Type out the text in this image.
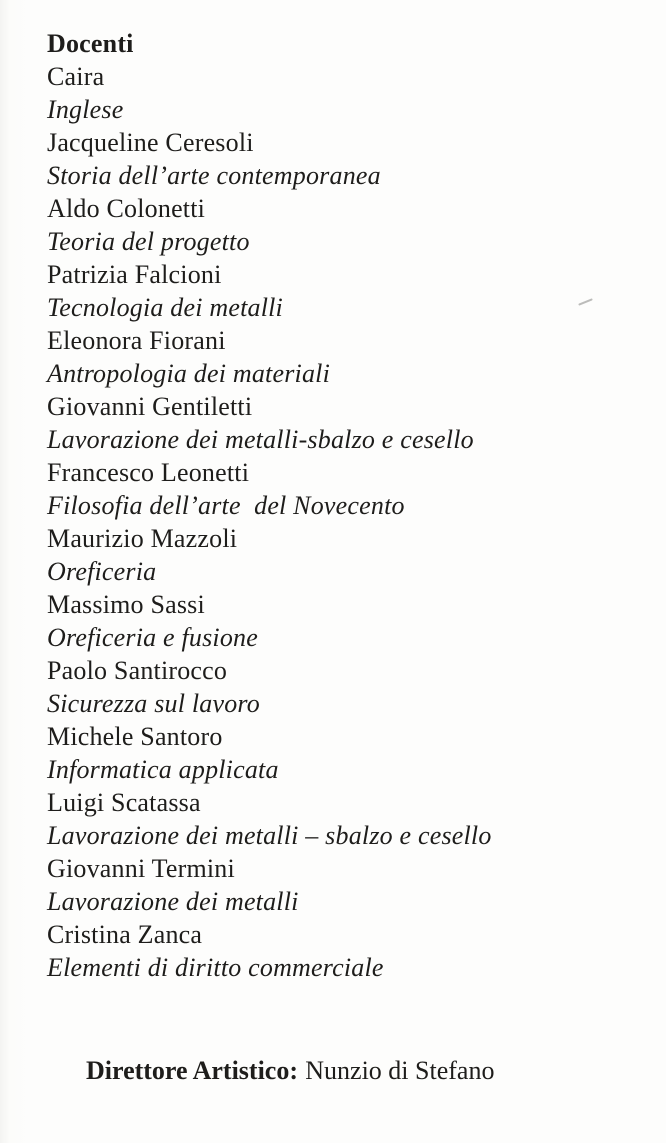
Docenti
Caira
Inglese
Jacqueline Ceresoli
Storia dell’arte contemporanea
Aldo Colonetti
Teoria del progetto
Patrizia Falcioni
Tecnologia dei metalli
Eleonora Fiorani
Antropologia dei materiali
Giovanni Gentiletti
Lavorazione dei metalli-sbalzo e cesello
Francesco Leonetti
Filosofia dell’arte  del Novecento
Maurizio Mazzoli
Oreficeria
Massimo Sassi
Oreficeria e fusione
Paolo Santirocco
Sicurezza sul lavoro
Michele Santoro
Informatica applicata
Luigi Scatassa
Lavorazione dei metalli – sbalzo e cesello
Giovanni Termini
Lavorazione dei metalli
Cristina Zanca
Elementi di diritto commerciale

Direttore Artistico: Nunzio di Stefano
